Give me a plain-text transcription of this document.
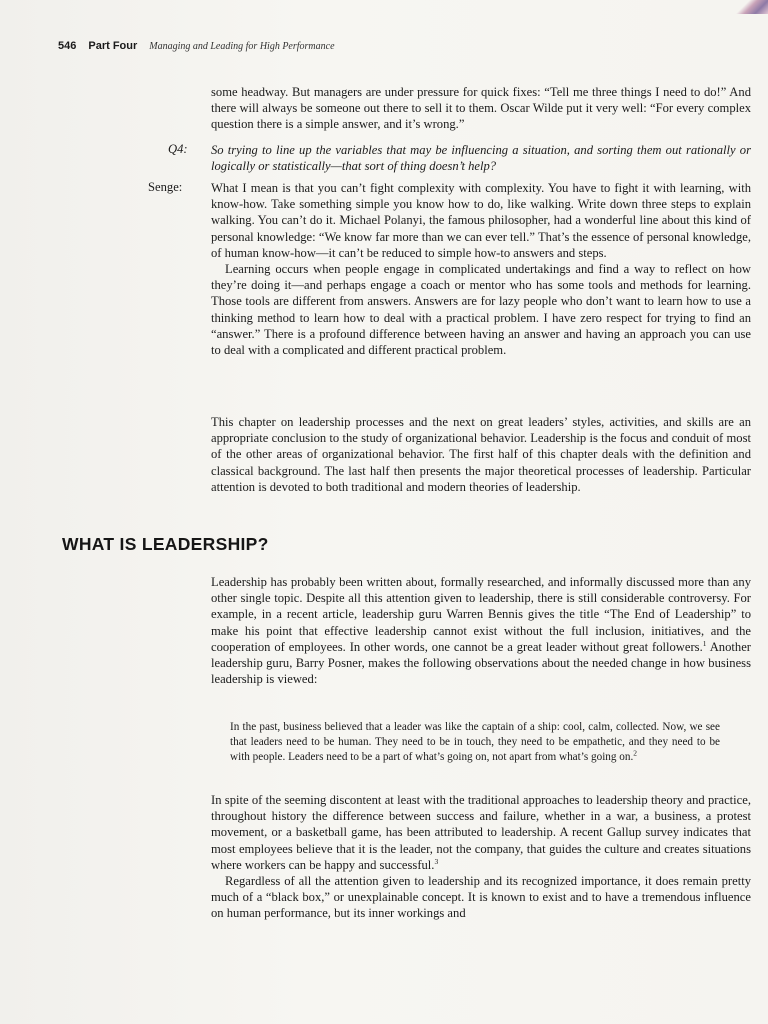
546 Part Four Managing and Leading for High Performance

some headway. But managers are under pressure for quick fixes: “Tell me three things I need to do!” And there will always be someone out there to sell it to them. Oscar Wilde put it very well: “For every complex question there is a simple answer, and it’s wrong.”

Q4: So trying to line up the variables that may be influencing a situation, and sorting them out rationally or logically or statistically—that sort of thing doesn’t help?

Senge: What I mean is that you can’t fight complexity with complexity. You have to fight it with learning, with know-how. Take something simple you know how to do, like walking. Write down three steps to explain walking. You can’t do it. Michael Polanyi, the famous philosopher, had a wonderful line about this kind of personal knowledge: “We know far more than we can ever tell.” That’s the essence of personal knowledge, of human know-how—it can’t be reduced to simple how-to answers and steps.

Learning occurs when people engage in complicated undertakings and find a way to reflect on how they’re doing it—and perhaps engage a coach or mentor who has some tools and methods for learning. Those tools are different from answers. Answers are for lazy people who don’t want to learn how to use a thinking method to learn how to deal with a practical problem. I have zero respect for trying to find an “answer.” There is a profound difference between having an answer and having an approach you can use to deal with a complicated and different practical problem.

This chapter on leadership processes and the next on great leaders’ styles, activities, and skills are an appropriate conclusion to the study of organizational behavior. Leadership is the focus and conduit of most of the other areas of organizational behavior. The first half of this chapter deals with the definition and classical background. The last half then presents the major theoretical processes of leadership. Particular attention is devoted to both traditional and modern theories of leadership.

WHAT IS LEADERSHIP?

Leadership has probably been written about, formally researched, and informally discussed more than any other single topic. Despite all this attention given to leadership, there is still considerable controversy. For example, in a recent article, leadership guru Warren Bennis gives the title “The End of Leadership” to make his point that effective leadership cannot exist without the full inclusion, initiatives, and the cooperation of employees. In other words, one cannot be a great leader without great followers.$^1$ Another leadership guru, Barry Posner, makes the following observations about the needed change in how business leadership is viewed:

In the past, business believed that a leader was like the captain of a ship: cool, calm, collected. Now, we see that leaders need to be human. They need to be in touch, they need to be empathetic, and they need to be with people. Leaders need to be a part of what’s going on, not apart from what’s going on.$^2$

In spite of the seeming discontent at least with the traditional approaches to leadership theory and practice, throughout history the difference between success and failure, whether in a war, a business, a protest movement, or a basketball game, has been attributed to leadership. A recent Gallup survey indicates that most employees believe that it is the leader, not the company, that guides the culture and creates situations where workers can be happy and successful.$^3$

Regardless of all the attention given to leadership and its recognized importance, it does remain pretty much of a “black box,” or unexplainable concept. It is known to exist and to have a tremendous influence on human performance, but its inner workings and
